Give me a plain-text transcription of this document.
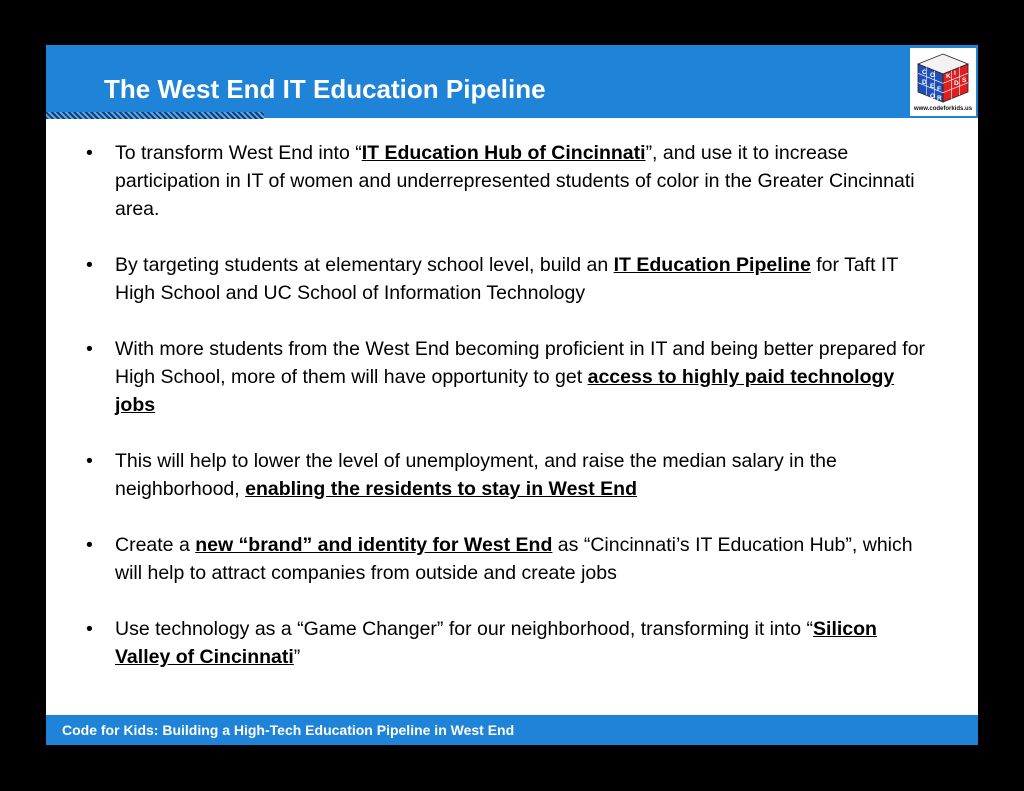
The West End IT Education Pipeline
C O
D
E F
O R
K I
D S
www.codeforkids.us
• To transform West End into “IT Education Hub of Cincinnati”, and use it to increase participation in IT of women and underrepresented students of color in the Greater Cincinnati area.
• By targeting students at elementary school level, build an IT Education Pipeline for Taft IT High School and UC School of Information Technology
• With more students from the West End becoming proficient in IT and being better prepared for High School, more of them will have opportunity to get access to highly paid technology jobs
• This will help to lower the level of unemployment, and raise the median salary in the neighborhood, enabling the residents to stay in West End
• Create a new “brand” and identity for West End as “Cincinnati’s IT Education Hub”, which will help to attract companies from outside and create jobs
• Use technology as a “Game Changer” for our neighborhood, transforming it into “Silicon Valley of Cincinnati”
Code for Kids: Building a High-Tech Education Pipeline in West End
